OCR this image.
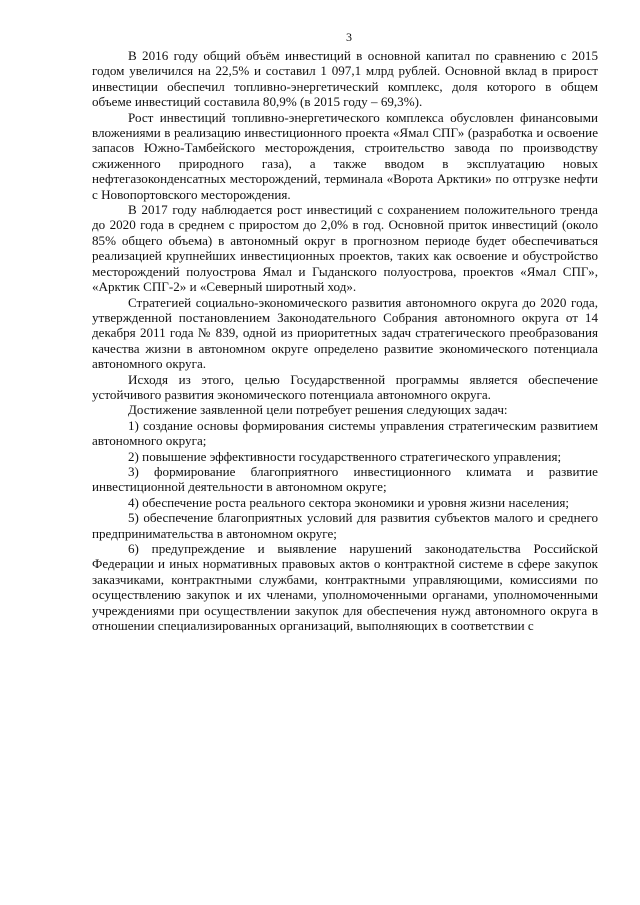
3

В 2016 году общий объём инвестиций в основной капитал по сравнению с 2015 годом увеличился на 22,5% и составил 1 097,1 млрд рублей. Основной вклад в прирост инвестиции обеспечил топливно-энергетический комплекс, доля которого в общем объеме инвестиций составила 80,9% (в 2015 году – 69,3%).

Рост инвестиций топливно-энергетического комплекса обусловлен финансовыми вложениями в реализацию инвестиционного проекта «Ямал СПГ» (разработка и освоение запасов Южно-Тамбейского месторождения, строительство завода по производству сжиженного природного газа), а также вводом в эксплуатацию новых нефтегазоконденсатных месторождений, терминала «Ворота Арктики» по отгрузке нефти с Новопортовского месторождения.

В 2017 году наблюдается рост инвестиций с сохранением положительного тренда до 2020 года в среднем с приростом до 2,0% в год. Основной приток инвестиций (около 85% общего объема) в автономный округ в прогнозном периоде будет обеспечиваться реализацией крупнейших инвестиционных проектов, таких как освоение и обустройство месторождений полуострова Ямал и Гыданского полуострова, проектов «Ямал СПГ», «Арктик СПГ-2» и «Северный широтный ход».

Стратегией социально-экономического развития автономного округа до 2020 года, утвержденной постановлением Законодательного Собрания автономного округа от 14 декабря 2011 года № 839, одной из приоритетных задач стратегического преобразования качества жизни в автономном округе определено развитие экономического потенциала автономного округа.

Исходя из этого, целью Государственной программы является обеспечение устойчивого развития экономического потенциала автономного округа.

Достижение заявленной цели потребует решения следующих задач:

1) создание основы формирования системы управления стратегическим развитием автономного округа;

2) повышение эффективности государственного стратегического управления;

3) формирование благоприятного инвестиционного климата и развитие инвестиционной деятельности в автономном округе;

4) обеспечение роста реального сектора экономики и уровня жизни населения;

5) обеспечение благоприятных условий для развития субъектов малого и среднего предпринимательства в автономном округе;

6) предупреждение и выявление нарушений законодательства Российской Федерации и иных нормативных правовых актов о контрактной системе в сфере закупок заказчиками, контрактными службами, контрактными управляющими, комиссиями по осуществлению закупок и их членами, уполномоченными органами, уполномоченными учреждениями при осуществлении закупок для обеспечения нужд автономного округа в отношении специализированных организаций, выполняющих в соответствии с
